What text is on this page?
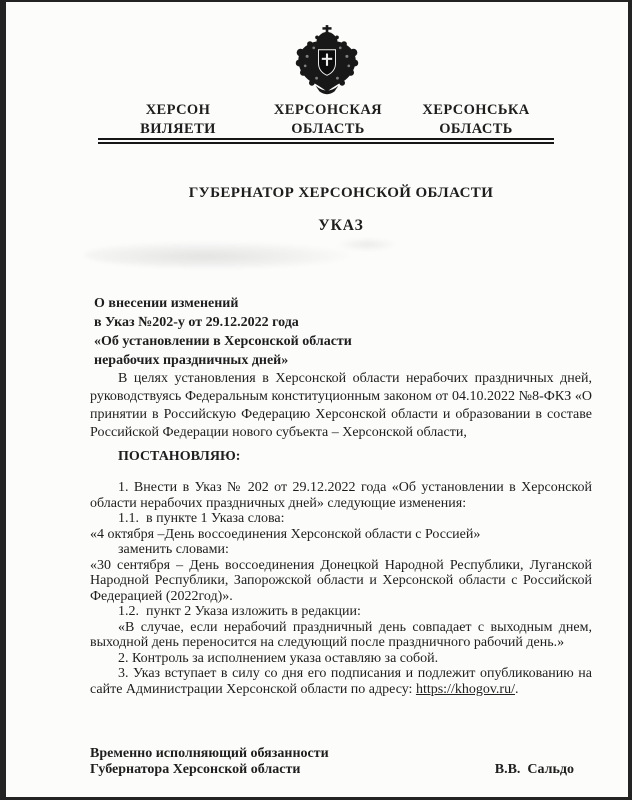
ХЕРСОН
ВИЛЯЕТИ
ХЕРСОНСКАЯ
ОБЛАСТЬ
ХЕРСОНСЬКА
ОБЛАСТЬ
ГУБЕРНАТОР ХЕРСОНСКОЙ ОБЛАСТИ
УКАЗ
О внесении изменений
в Указ №202-у от 29.12.2022 года
«Об установлении в Херсонской области
нерабочих праздничных дней»

В целях установления в Херсонской области нерабочих праздничных дней, руководствуясь Федеральным конституционным законом от 04.10.2022 №8-ФКЗ «О принятии в Российскую Федерацию Херсонской области и образовании в составе Российской Федерации нового субъекта – Херсонской области,

ПОСТАНОВЛЯЮ:

1. Внести в Указ № 202 от 29.12.2022 года «Об установлении в Херсонской области нерабочих праздничных дней» следующие изменения:

1.1.  в пункте 1 Указа слова:

«4 октября –День воссоединения Херсонской области с Россией»

заменить словами:

«30 сентября – День воссоединения Донецкой Народной Республики, Луганской Народной Республики, Запорожской области и Херсонской области с Российской Федерацией (2022год)».

1.2.  пункт 2 Указа изложить в редакции:

«В случае, если нерабочий праздничный день совпадает с выходным днем, выходной день переносится на следующий после праздничного рабочий день.»

2. Контроль за исполнением указа оставляю за собой.

3. Указ вступает в силу со дня его подписания и подлежит опубликованию на сайте Администрации Херсонской области по адресу: https://khogov.ru/.

Временно исполняющий обязанности
Губернатора Херсонской области	В.В.  Сальдо
